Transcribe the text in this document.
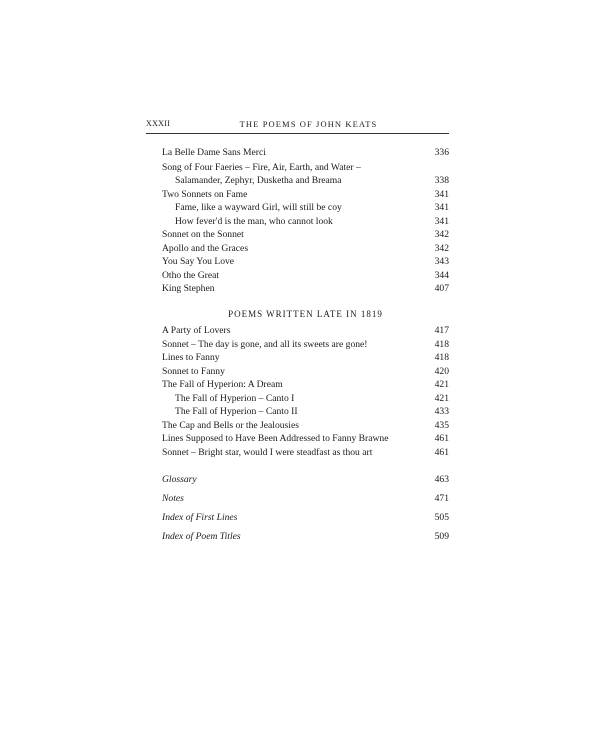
XXXII	THE POEMS OF JOHN KEATS
La Belle Dame Sans Merci	336
Song of Four Faeries – Fire, Air, Earth, and Water –
Salamander, Zephyr, Dusketha and Breama	338
Two Sonnets on Fame	341
Fame, like a wayward Girl, will still be coy	341
How fever'd is the man, who cannot look	341
Sonnet on the Sonnet	342
Apollo and the Graces	342
You Say You Love	343
Otho the Great	344
King Stephen	407
POEMS WRITTEN LATE IN 1819
A Party of Lovers	417
Sonnet – The day is gone, and all its sweets are gone!	418
Lines to Fanny	418
Sonnet to Fanny	420
The Fall of Hyperion: A Dream	421
The Fall of Hyperion – Canto I	421
The Fall of Hyperion – Canto II	433
The Cap and Bells or the Jealousies	435
Lines Supposed to Have Been Addressed to Fanny Brawne	461
Sonnet – Bright star, would I were steadfast as thou art	461
Glossary	463
Notes	471
Index of First Lines	505
Index of Poem Titles	509
